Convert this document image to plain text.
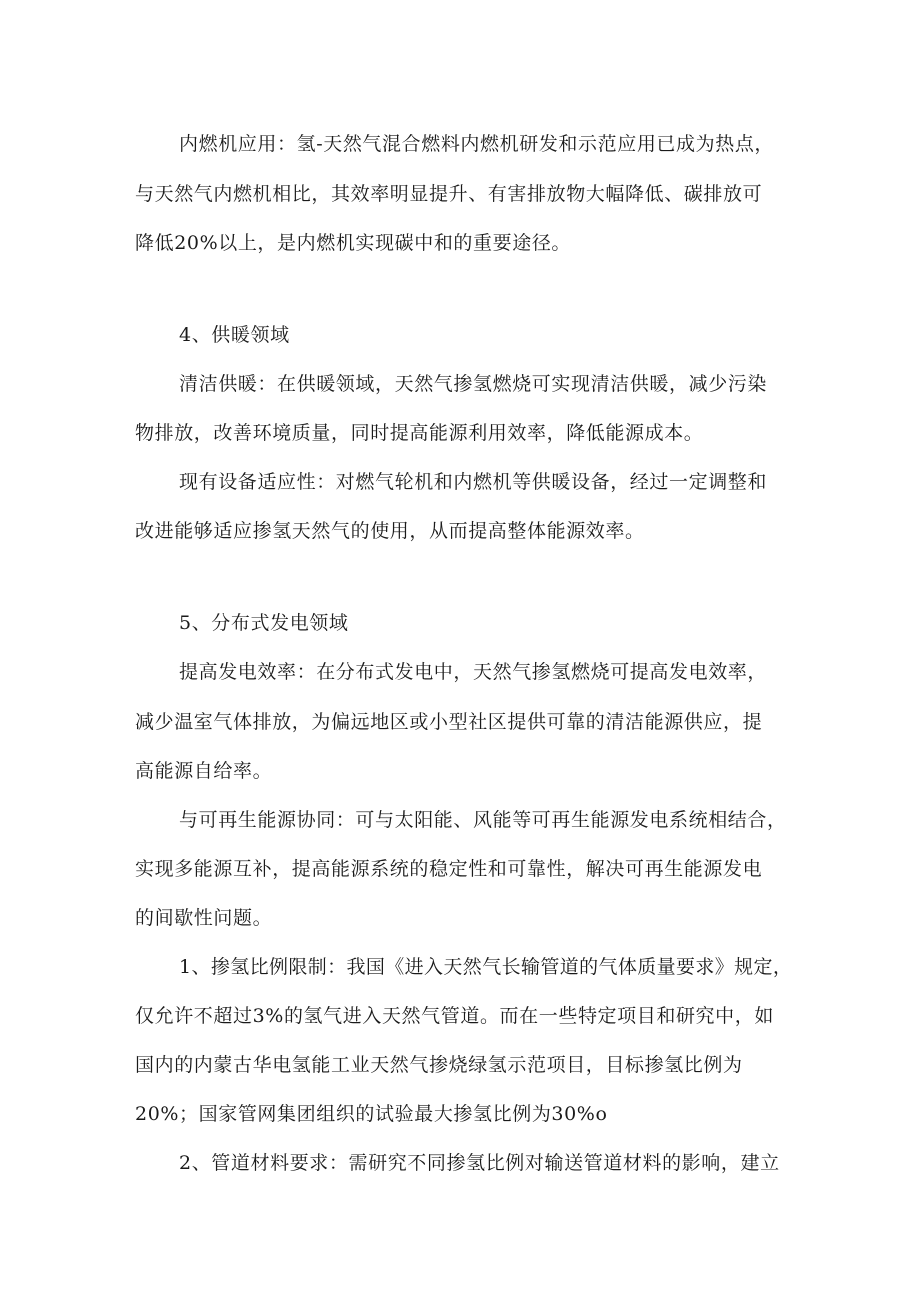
内燃机应用：氢-天然气混合燃料内燃机研发和示范应用已成为热点，
与天然气内燃机相比，其效率明显提升、有害排放物大幅降低、碳排放可
降低20%以上，是内燃机实现碳中和的重要途径。
4、供暖领域
清洁供暖：在供暖领域，天然气掺氢燃烧可实现清洁供暖，减少污染
物排放，改善环境质量，同时提高能源利用效率，降低能源成本。
现有设备适应性：对燃气轮机和内燃机等供暖设备，经过一定调整和
改进能够适应掺氢天然气的使用，从而提高整体能源效率。
5、分布式发电领域
提高发电效率：在分布式发电中，天然气掺氢燃烧可提高发电效率，
减少温室气体排放，为偏远地区或小型社区提供可靠的清洁能源供应，提
高能源自给率。
与可再生能源协同：可与太阳能、风能等可再生能源发电系统相结合，
实现多能源互补，提高能源系统的稳定性和可靠性，解决可再生能源发电
的间歇性问题。
1、掺氢比例限制：我国《进入天然气长输管道的气体质量要求》规定，
仅允许不超过3%的氢气进入天然气管道。而在一些特定项目和研究中，如
国内的内蒙古华电氢能工业天然气掺烧绿氢示范项目，目标掺氢比例为
20%；国家管网集团组织的试验最大掺氢比例为30%o
2、管道材料要求：需研究不同掺氢比例对输送管道材料的影响，建立
